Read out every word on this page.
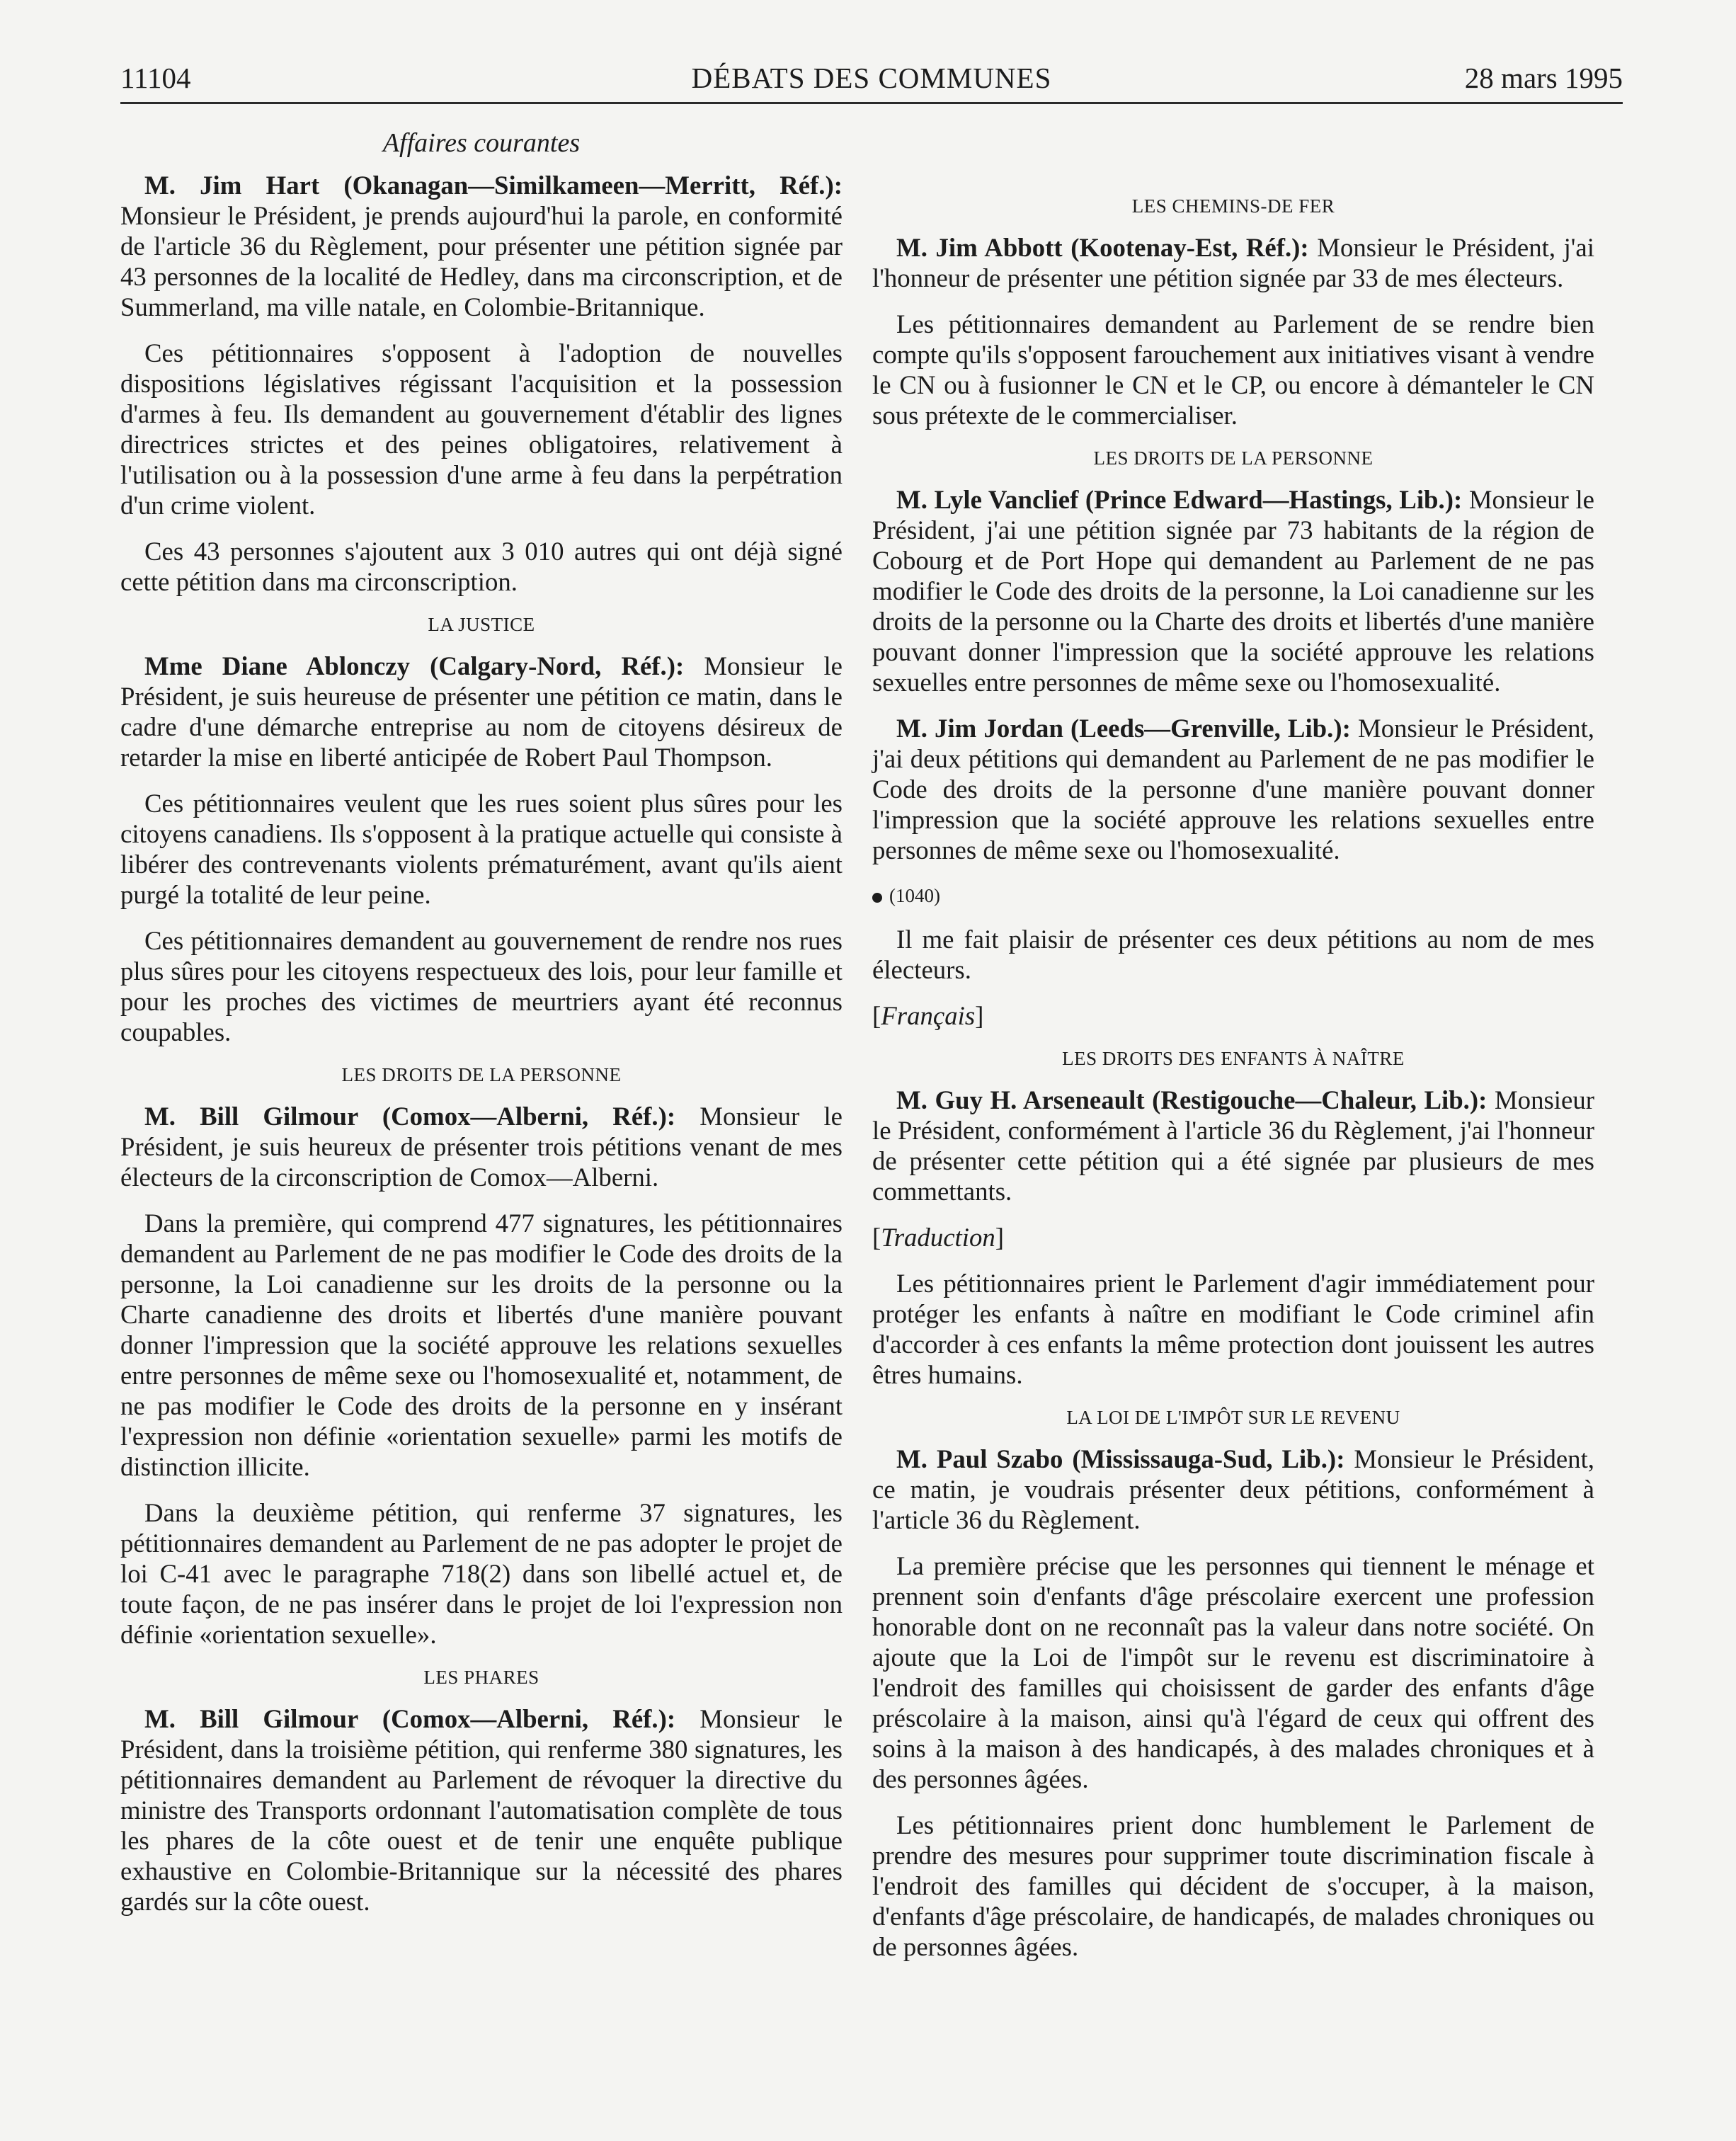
11104	DÉBATS DES COMMUNES	28 mars 1995
Affaires courantes

M. Jim Hart (Okanagan—Similkameen—Merritt, Réf.): Monsieur le Président, je prends aujourd'hui la parole, en conformité de l'article 36 du Règlement, pour présenter une pétition signée par 43 personnes de la localité de Hedley, dans ma circonscription, et de Summerland, ma ville natale, en Colombie-Britannique.

Ces pétitionnaires s'opposent à l'adoption de nouvelles dispositions législatives régissant l'acquisition et la possession d'armes à feu. Ils demandent au gouvernement d'établir des lignes directrices strictes et des peines obligatoires, relativement à l'utilisation ou à la possession d'une arme à feu dans la perpétration d'un crime violent.

Ces 43 personnes s'ajoutent aux 3 010 autres qui ont déjà signé cette pétition dans ma circonscription.

LA JUSTICE

Mme Diane Ablonczy (Calgary-Nord, Réf.): Monsieur le Président, je suis heureuse de présenter une pétition ce matin, dans le cadre d'une démarche entreprise au nom de citoyens désireux de retarder la mise en liberté anticipée de Robert Paul Thompson.

Ces pétitionnaires veulent que les rues soient plus sûres pour les citoyens canadiens. Ils s'opposent à la pratique actuelle qui consiste à libérer des contrevenants violents prématurément, avant qu'ils aient purgé la totalité de leur peine.

Ces pétitionnaires demandent au gouvernement de rendre nos rues plus sûres pour les citoyens respectueux des lois, pour leur famille et pour les proches des victimes de meurtriers ayant été reconnus coupables.

LES DROITS DE LA PERSONNE

M. Bill Gilmour (Comox—Alberni, Réf.): Monsieur le Président, je suis heureux de présenter trois pétitions venant de mes électeurs de la circonscription de Comox—Alberni.

Dans la première, qui comprend 477 signatures, les pétitionnaires demandent au Parlement de ne pas modifier le Code des droits de la personne, la Loi canadienne sur les droits de la personne ou la Charte canadienne des droits et libertés d'une manière pouvant donner l'impression que la société approuve les relations sexuelles entre personnes de même sexe ou l'homosexualité et, notamment, de ne pas modifier le Code des droits de la personne en y insérant l'expression non définie «orientation sexuelle» parmi les motifs de distinction illicite.

Dans la deuxième pétition, qui renferme 37 signatures, les pétitionnaires demandent au Parlement de ne pas adopter le projet de loi C-41 avec le paragraphe 718(2) dans son libellé actuel et, de toute façon, de ne pas insérer dans le projet de loi l'expression non définie «orientation sexuelle».

LES PHARES

M. Bill Gilmour (Comox—Alberni, Réf.): Monsieur le Président, dans la troisième pétition, qui renferme 380 signatures, les pétitionnaires demandent au Parlement de révoquer la directive du ministre des Transports ordonnant l'automatisation complète de tous les phares de la côte ouest et de tenir une enquête publique exhaustive en Colombie-Britannique sur la nécessité des phares gardés sur la côte ouest.

LES CHEMINS-DE FER

M. Jim Abbott (Kootenay-Est, Réf.): Monsieur le Président, j'ai l'honneur de présenter une pétition signée par 33 de mes électeurs.

Les pétitionnaires demandent au Parlement de se rendre bien compte qu'ils s'opposent farouchement aux initiatives visant à vendre le CN ou à fusionner le CN et le CP, ou encore à démanteler le CN sous prétexte de le commercialiser.

LES DROITS DE LA PERSONNE

M. Lyle Vanclief (Prince Edward—Hastings, Lib.): Monsieur le Président, j'ai une pétition signée par 73 habitants de la région de Cobourg et de Port Hope qui demandent au Parlement de ne pas modifier le Code des droits de la personne, la Loi canadienne sur les droits de la personne ou la Charte des droits et libertés d'une manière pouvant donner l'impression que la société approuve les relations sexuelles entre personnes de même sexe ou l'homosexualité.

M. Jim Jordan (Leeds—Grenville, Lib.): Monsieur le Président, j'ai deux pétitions qui demandent au Parlement de ne pas modifier le Code des droits de la personne d'une manière pouvant donner l'impression que la société approuve les relations sexuelles entre personnes de même sexe ou l'homosexualité.

(1040)

Il me fait plaisir de présenter ces deux pétitions au nom de mes électeurs.

[Français]
LES DROITS DES ENFANTS À NAÎTRE

M. Guy H. Arseneault (Restigouche—Chaleur, Lib.): Monsieur le Président, conformément à l'article 36 du Règlement, j'ai l'honneur de présenter cette pétition qui a été signée par plusieurs de mes commettants.

[Traduction]

Les pétitionnaires prient le Parlement d'agir immédiatement pour protéger les enfants à naître en modifiant le Code criminel afin d'accorder à ces enfants la même protection dont jouissent les autres êtres humains.

LA LOI DE L'IMPÔT SUR LE REVENU

M. Paul Szabo (Mississauga-Sud, Lib.): Monsieur le Président, ce matin, je voudrais présenter deux pétitions, conformément à l'article 36 du Règlement.

La première précise que les personnes qui tiennent le ménage et prennent soin d'enfants d'âge préscolaire exercent une profession honorable dont on ne reconnaît pas la valeur dans notre société. On ajoute que la Loi de l'impôt sur le revenu est discriminatoire à l'endroit des familles qui choisissent de garder des enfants d'âge préscolaire à la maison, ainsi qu'à l'égard de ceux qui offrent des soins à la maison à des handicapés, à des malades chroniques et à des personnes âgées.

Les pétitionnaires prient donc humblement le Parlement de prendre des mesures pour supprimer toute discrimination fiscale à l'endroit des familles qui décident de s'occuper, à la maison, d'enfants d'âge préscolaire, de handicapés, de malades chroniques ou de personnes âgées.
